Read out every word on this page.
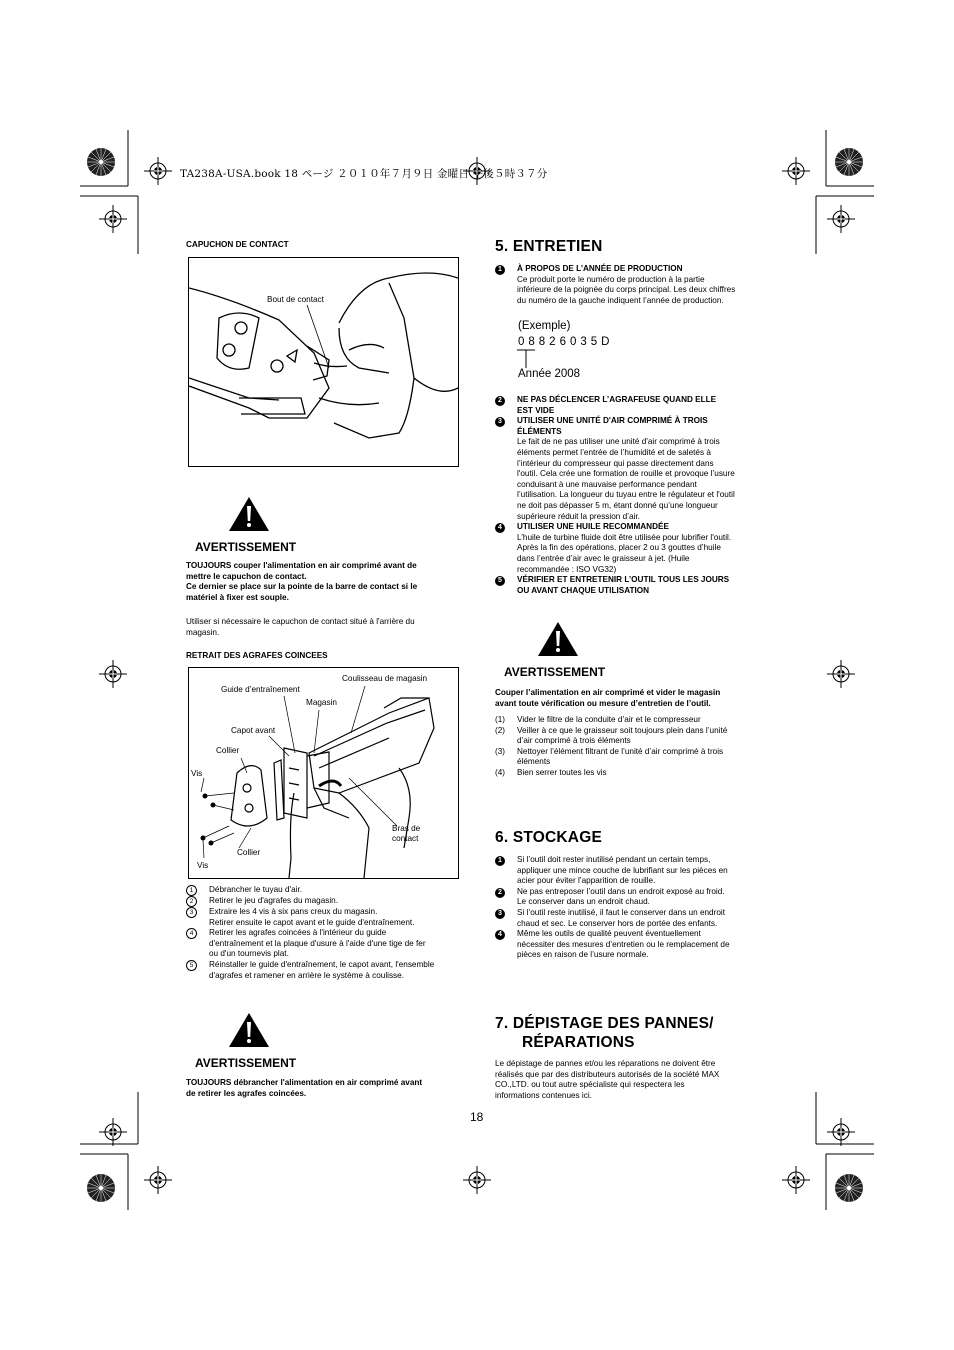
TA238A-USA.book 18 ページ ２０１０年７月９日 金曜日 午後５時３７分
CAPUCHON DE CONTACT
Bout de contact
AVERTISSEMENT
TOUJOURS couper l'alimentation en air comprimé avant de
mettre le capuchon de contact.
Ce dernier se place sur la pointe de la barre de contact si le
matériel à fixer est souple.
Utiliser si nécessaire le capuchon de contact situé à l'arrière du
magasin.
RETRAIT DES AGRAFES COINCEES
Coulisseau de magasin
Guide d’entraînement
Magasin
Capot avant
Collier
Vis
Collier
Vis
Bras de
contact
1	Débrancher le tuyau d'air.
2	Retirer le jeu d'agrafes du magasin.
3	Extraire les 4 vis à six pans creux du magasin.
Retirer ensuite le capot avant et le guide d'entraînement.
4	Retirer les agrafes coincées à l'intérieur du guide
d'entraînement et la plaque d'usure à l'aide d'une tige de fer
ou d'un tournevis plat.
5	Réinstaller le guide d'entraînement, le capot avant, l'ensemble
d'agrafes et ramener en arrière le système à coulisse.
AVERTISSEMENT
TOUJOURS débrancher l'alimentation en air comprimé avant
de retirer les agrafes coincées.
5. ENTRETIEN
1	À PROPOS DE L’ANNÉE DE PRODUCTION
Ce produit porte le numéro de production à la partie
inférieure de la poignée du corps principal. Les deux chiffres
du numéro de la gauche indiquent l’année de production.
(Exemple)
0 8 8 2 6 0 3 5 D
Année 2008
2	NE PAS DÉCLENCER L’AGRAFEUSE QUAND ELLE
EST VIDE
3	UTILISER UNE UNITÉ D'AIR COMPRIMÉ À TROIS
ÉLÉMENTS
Le fait de ne pas utiliser une unité d'air comprimé à trois
éléments permet l’entrée de l’humidité et de saletés à
l’intérieur du compresseur qui passe directement dans
l'outil. Cela crée une formation de rouille et provoque l’usure
conduisant à une mauvaise performance pendant
l’utilisation. La longueur du tuyau entre le régulateur et l'outil
ne doit pas dépasser 5 m, étant donné qu’une longueur
supérieure réduit la pression d’air.
4	UTILISER UNE HUILE RECOMMANDÉE
L’huile de turbine fluide doit être utilisée pour lubrifier l'outil.
Après la fin des opérations, placer 2 ou 3 gouttes d’huile
dans l’entrée d’air avec le graisseur à jet. (Huile
recommandée : ISO VG32)
5	VÉRIFIER ET ENTRETENIR L’OUTIL TOUS LES JOURS
OU AVANT CHAQUE UTILISATION
AVERTISSEMENT
Couper l’alimentation en air comprimé et vider le magasin
avant toute vérification ou mesure d’entretien de l’outil.
(1)	Vider le filtre de la conduite d’air et le compresseur
(2)	Veiller à ce que le graisseur soit toujours plein dans l’unité
d’air comprimé à trois éléments
(3)	Nettoyer l’élément filtrant de l’unité d’air comprimé à trois
éléments
(4)	Bien serrer toutes les vis
6. STOCKAGE
1	Si l’outil doit rester inutilisé pendant un certain temps,
appliquer une mince couche de lubrifiant sur les pièces en
acier pour éviter l’apparition de rouille.
2	Ne pas entreposer l’outil dans un endroit exposé au froid.
Le conserver dans un endroit chaud.
3	Si l’outil reste inutilisé, il faut le conserver dans un endroit
chaud et sec. Le conserver hors de portée des enfants.
4	Même les outils de qualité peuvent éventuellement
nécessiter des mesures d’entretien ou le remplacement de
pièces en raison de l’usure normale.
7. DÉPISTAGE DES PANNES/
RÉPARATIONS
Le dépistage de pannes et/ou les réparations ne doivent être
réalisés que par des distributeurs autorisés de la société MAX
CO.,LTD. ou tout autre spécialiste qui respectera les
informations contenues ici.
18
